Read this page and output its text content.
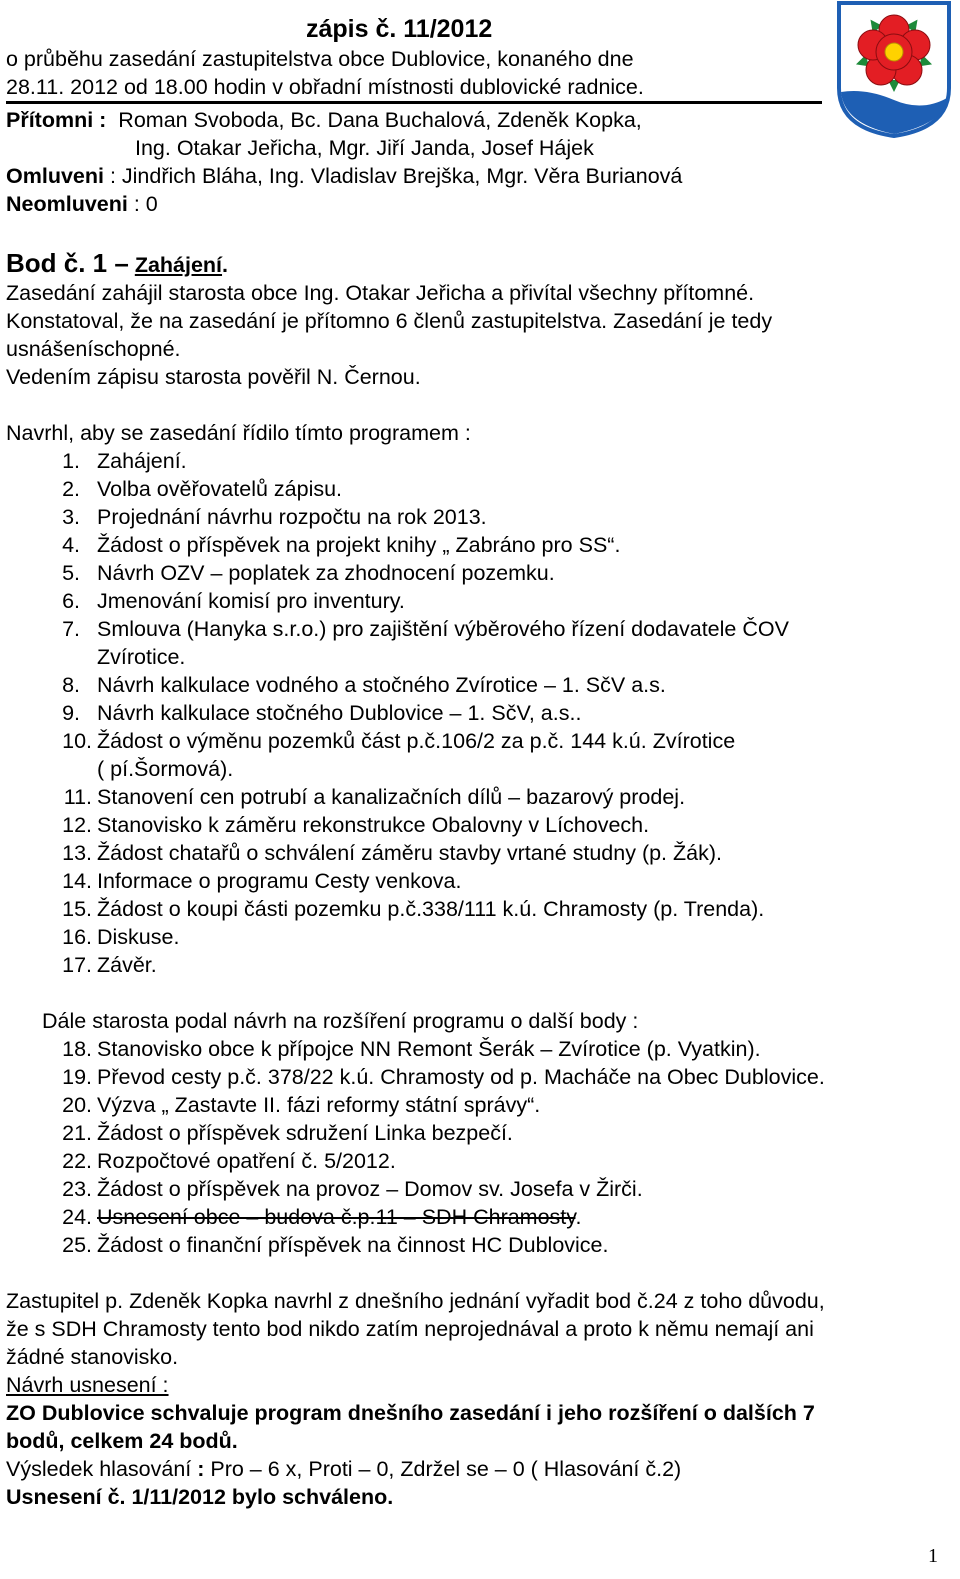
zápis č. 11/2012
o průběhu zasedání zastupitelstva obce Dublovice, konaného dne
28.11. 2012 od 18.00 hodin v obřadní místnosti dublovické radnice.
Přítomni : Roman Svoboda, Bc. Dana Buchalová, Zdeněk Kopka,
Ing. Otakar Jeřicha, Mgr. Jiří Janda, Josef Hájek
Omluveni : Jindřich Bláha, Ing. Vladislav Brejška, Mgr. Věra Burianová
Neomluveni : 0
Bod č. 1 – Zahájení.
Zasedání zahájil starosta obce Ing. Otakar Jeřicha a přivítal všechny přítomné.
Konstatoval, že na zasedání je přítomno 6 členů zastupitelstva. Zasedání je tedy
usnášeníschopné.
Vedením zápisu starosta pověřil N. Černou.
Navrhl, aby se zasedání řídilo tímto programem :
1. Zahájení.
2. Volba ověřovatelů zápisu.
3. Projednání návrhu rozpočtu na rok 2013.
4. Žádost o příspěvek na projekt knihy „ Zabráno pro SS“.
5. Návrh OZV – poplatek za zhodnocení pozemku.
6. Jmenování komisí pro inventury.
7. Smlouva (Hanyka s.r.o.) pro zajištění výběrového řízení dodavatele ČOV
Zvírotice.
8. Návrh kalkulace vodného a stočného Zvírotice – 1. SčV a.s.
9. Návrh kalkulace stočného Dublovice – 1. SčV, a.s..
10. Žádost o výměnu pozemků část p.č.106/2 za p.č. 144 k.ú. Zvírotice
( pí.Šormová).
11. Stanovení cen potrubí a kanalizačních dílů – bazarový prodej.
12. Stanovisko k záměru rekonstrukce Obalovny v Líchovech.
13. Žádost chatařů o schválení záměru stavby vrtané studny (p. Žák).
14. Informace o programu Cesty venkova.
15. Žádost o koupi části pozemku p.č.338/111 k.ú. Chramosty (p. Trenda).
16. Diskuse.
17. Závěr.
Dále starosta podal návrh na rozšíření programu o další body :
18. Stanovisko obce k přípojce NN Remont Šerák – Zvírotice (p. Vyatkin).
19. Převod cesty p.č. 378/22 k.ú. Chramosty od p. Macháče na Obec Dublovice.
20. Výzva „ Zastavte II. fázi reformy státní správy“.
21. Žádost o příspěvek sdružení Linka bezpečí.
22. Rozpočtové opatření č. 5/2012.
23. Žádost o příspěvek na provoz – Domov sv. Josefa v Žirči.
24. Usnesení obce – budova č.p.11 – SDH Chramosty.
25. Žádost o finanční příspěvek na činnost HC Dublovice.
Zastupitel p. Zdeněk Kopka navrhl z dnešního jednání vyřadit bod č.24 z toho důvodu,
že s SDH Chramosty tento bod nikdo zatím neprojednával a proto k němu nemají ani
žádné stanovisko.
Návrh usnesení :
ZO Dublovice schvaluje program dnešního zasedání i jeho rozšíření o dalších 7
bodů, celkem 24 bodů.
Výsledek hlasování : Pro – 6 x, Proti – 0, Zdržel se – 0 ( Hlasování č.2)
Usnesení č. 1/11/2012 bylo schváleno.
1
